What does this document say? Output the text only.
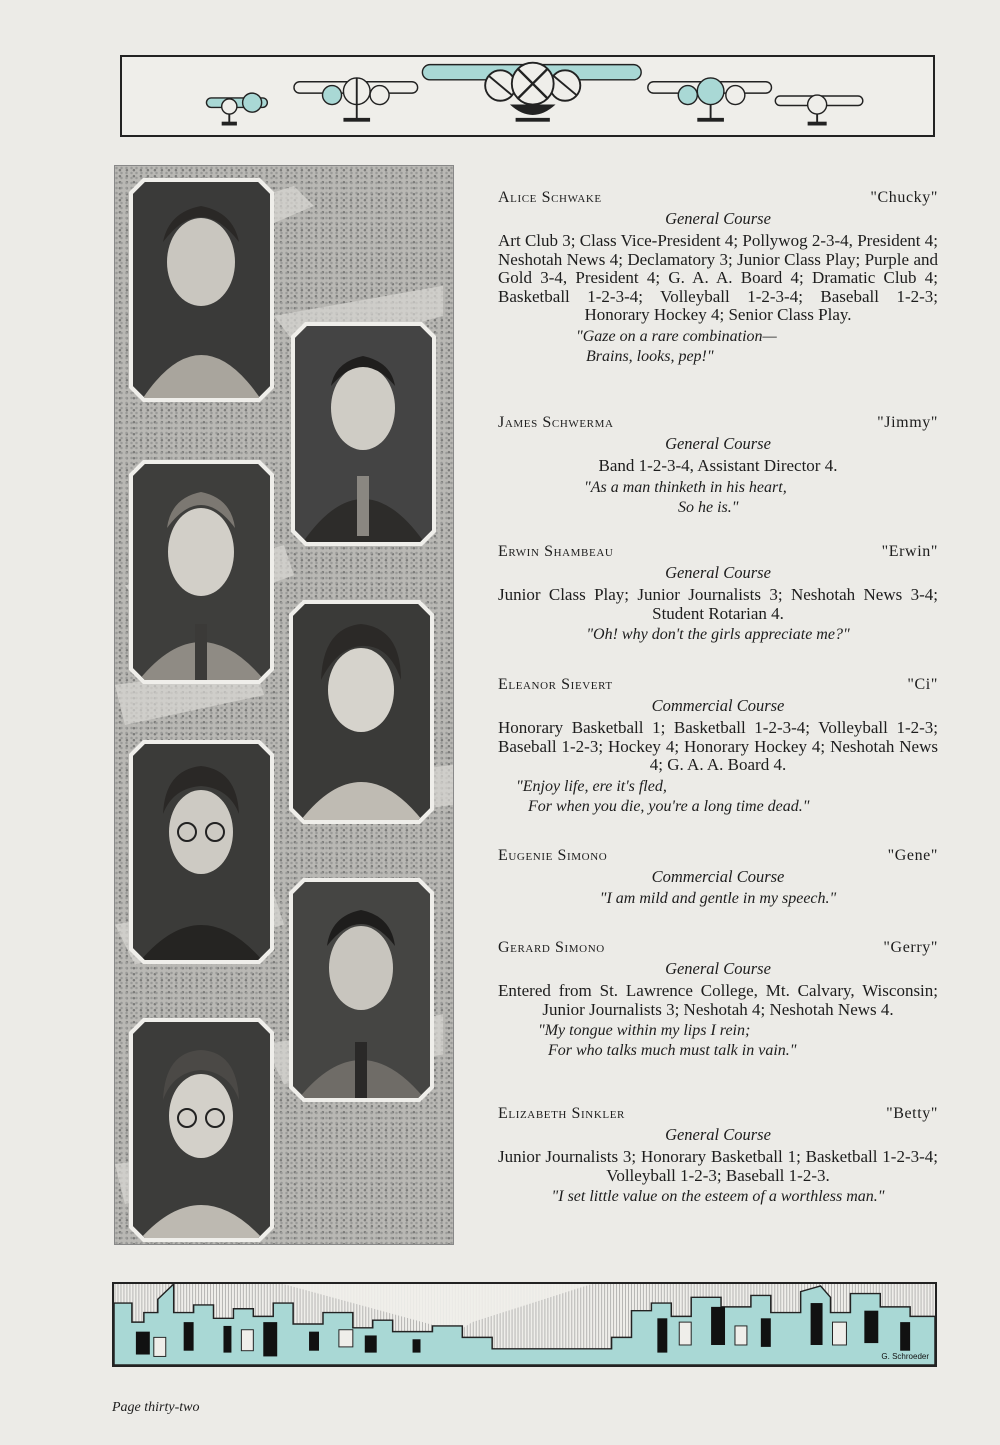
Alice Schwake	"Chucky"
General Course
Art Club 3; Class Vice-President 4; Pollywog 2-3-4, President 4; Neshotah News 4; Declamatory 3; Junior Class Play; Purple and Gold 3-4, President 4; G. A. A. Board 4; Dramatic Club 4; Basketball 1-2-3-4; Volleyball 1-2-3-4; Baseball 1-2-3; Honorary Hockey 4; Senior Class Play.
"Gaze on a rare combination—
Brains, looks, pep!"
James Schwerma	"Jimmy"
General Course
Band 1-2-3-4, Assistant Director 4.
"As a man thinketh in his heart,
So he is."
Erwin Shambeau	"Erwin"
General Course
Junior Class Play; Junior Journalists 3; Neshotah News 3-4; Student Rotarian 4.
"Oh! why don't the girls appreciate me?"
Eleanor Sievert	"Ci"
Commercial Course
Honorary Basketball 1; Basketball 1-2-3-4; Volleyball 1-2-3; Baseball 1-2-3; Hockey 4; Honorary Hockey 4; Neshotah News 4; G. A. A. Board 4.
"Enjoy life, ere it's fled,
For when you die, you're a long time dead."
Eugenie Simono	"Gene"
Commercial Course
"I am mild and gentle in my speech."
Gerard Simono	"Gerry"
General Course
Entered from St. Lawrence College, Mt. Calvary, Wisconsin; Junior Journalists 3; Neshotah 4; Neshotah News 4.
"My tongue within my lips I rein;
For who talks much must talk in vain."
Elizabeth Sinkler	"Betty"
General Course
Junior Journalists 3; Honorary Basketball 1; Basketball 1-2-3-4; Volleyball 1-2-3; Baseball 1-2-3.
"I set little value on the esteem of a worthless man."
G. Schroeder
Page thirty-two
